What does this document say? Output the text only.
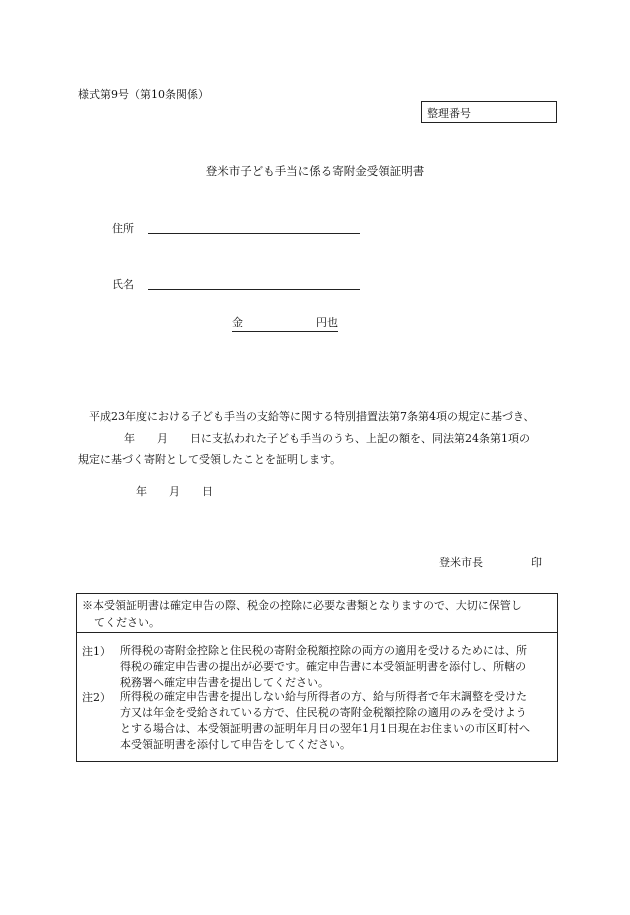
様式第9号（第10条関係）
整理番号
登米市子ども手当に係る寄附金受領証明書
住所
氏名
金	円也
平成23年度における子ども手当の支給等に関する特別措置法第7条第4項の規定に基づき、
年　　月　　日に支払われた子ども手当のうち、上記の額を、同法第24条第1項の
規定に基づく寄附として受領したことを証明します。
年　　月　　日

登米市長	印

※本受領証明書は確定申告の際、税金の控除に必要な書類となりますので、大切に保管し
てください。
注1） 所得税の寄附金控除と住民税の寄附金税額控除の両方の適用を受けるためには、所
得税の確定申告書の提出が必要です。確定申告書に本受領証明書を添付し、所轄の
税務署へ確定申告書を提出してください。
注2） 所得税の確定申告書を提出しない給与所得者の方、給与所得者で年末調整を受けた
方又は年金を受給されている方で、住民税の寄附金税額控除の適用のみを受けよう
とする場合は、本受領証明書の証明年月日の翌年1月1日現在お住まいの市区町村へ
本受領証明書を添付して申告をしてください。
